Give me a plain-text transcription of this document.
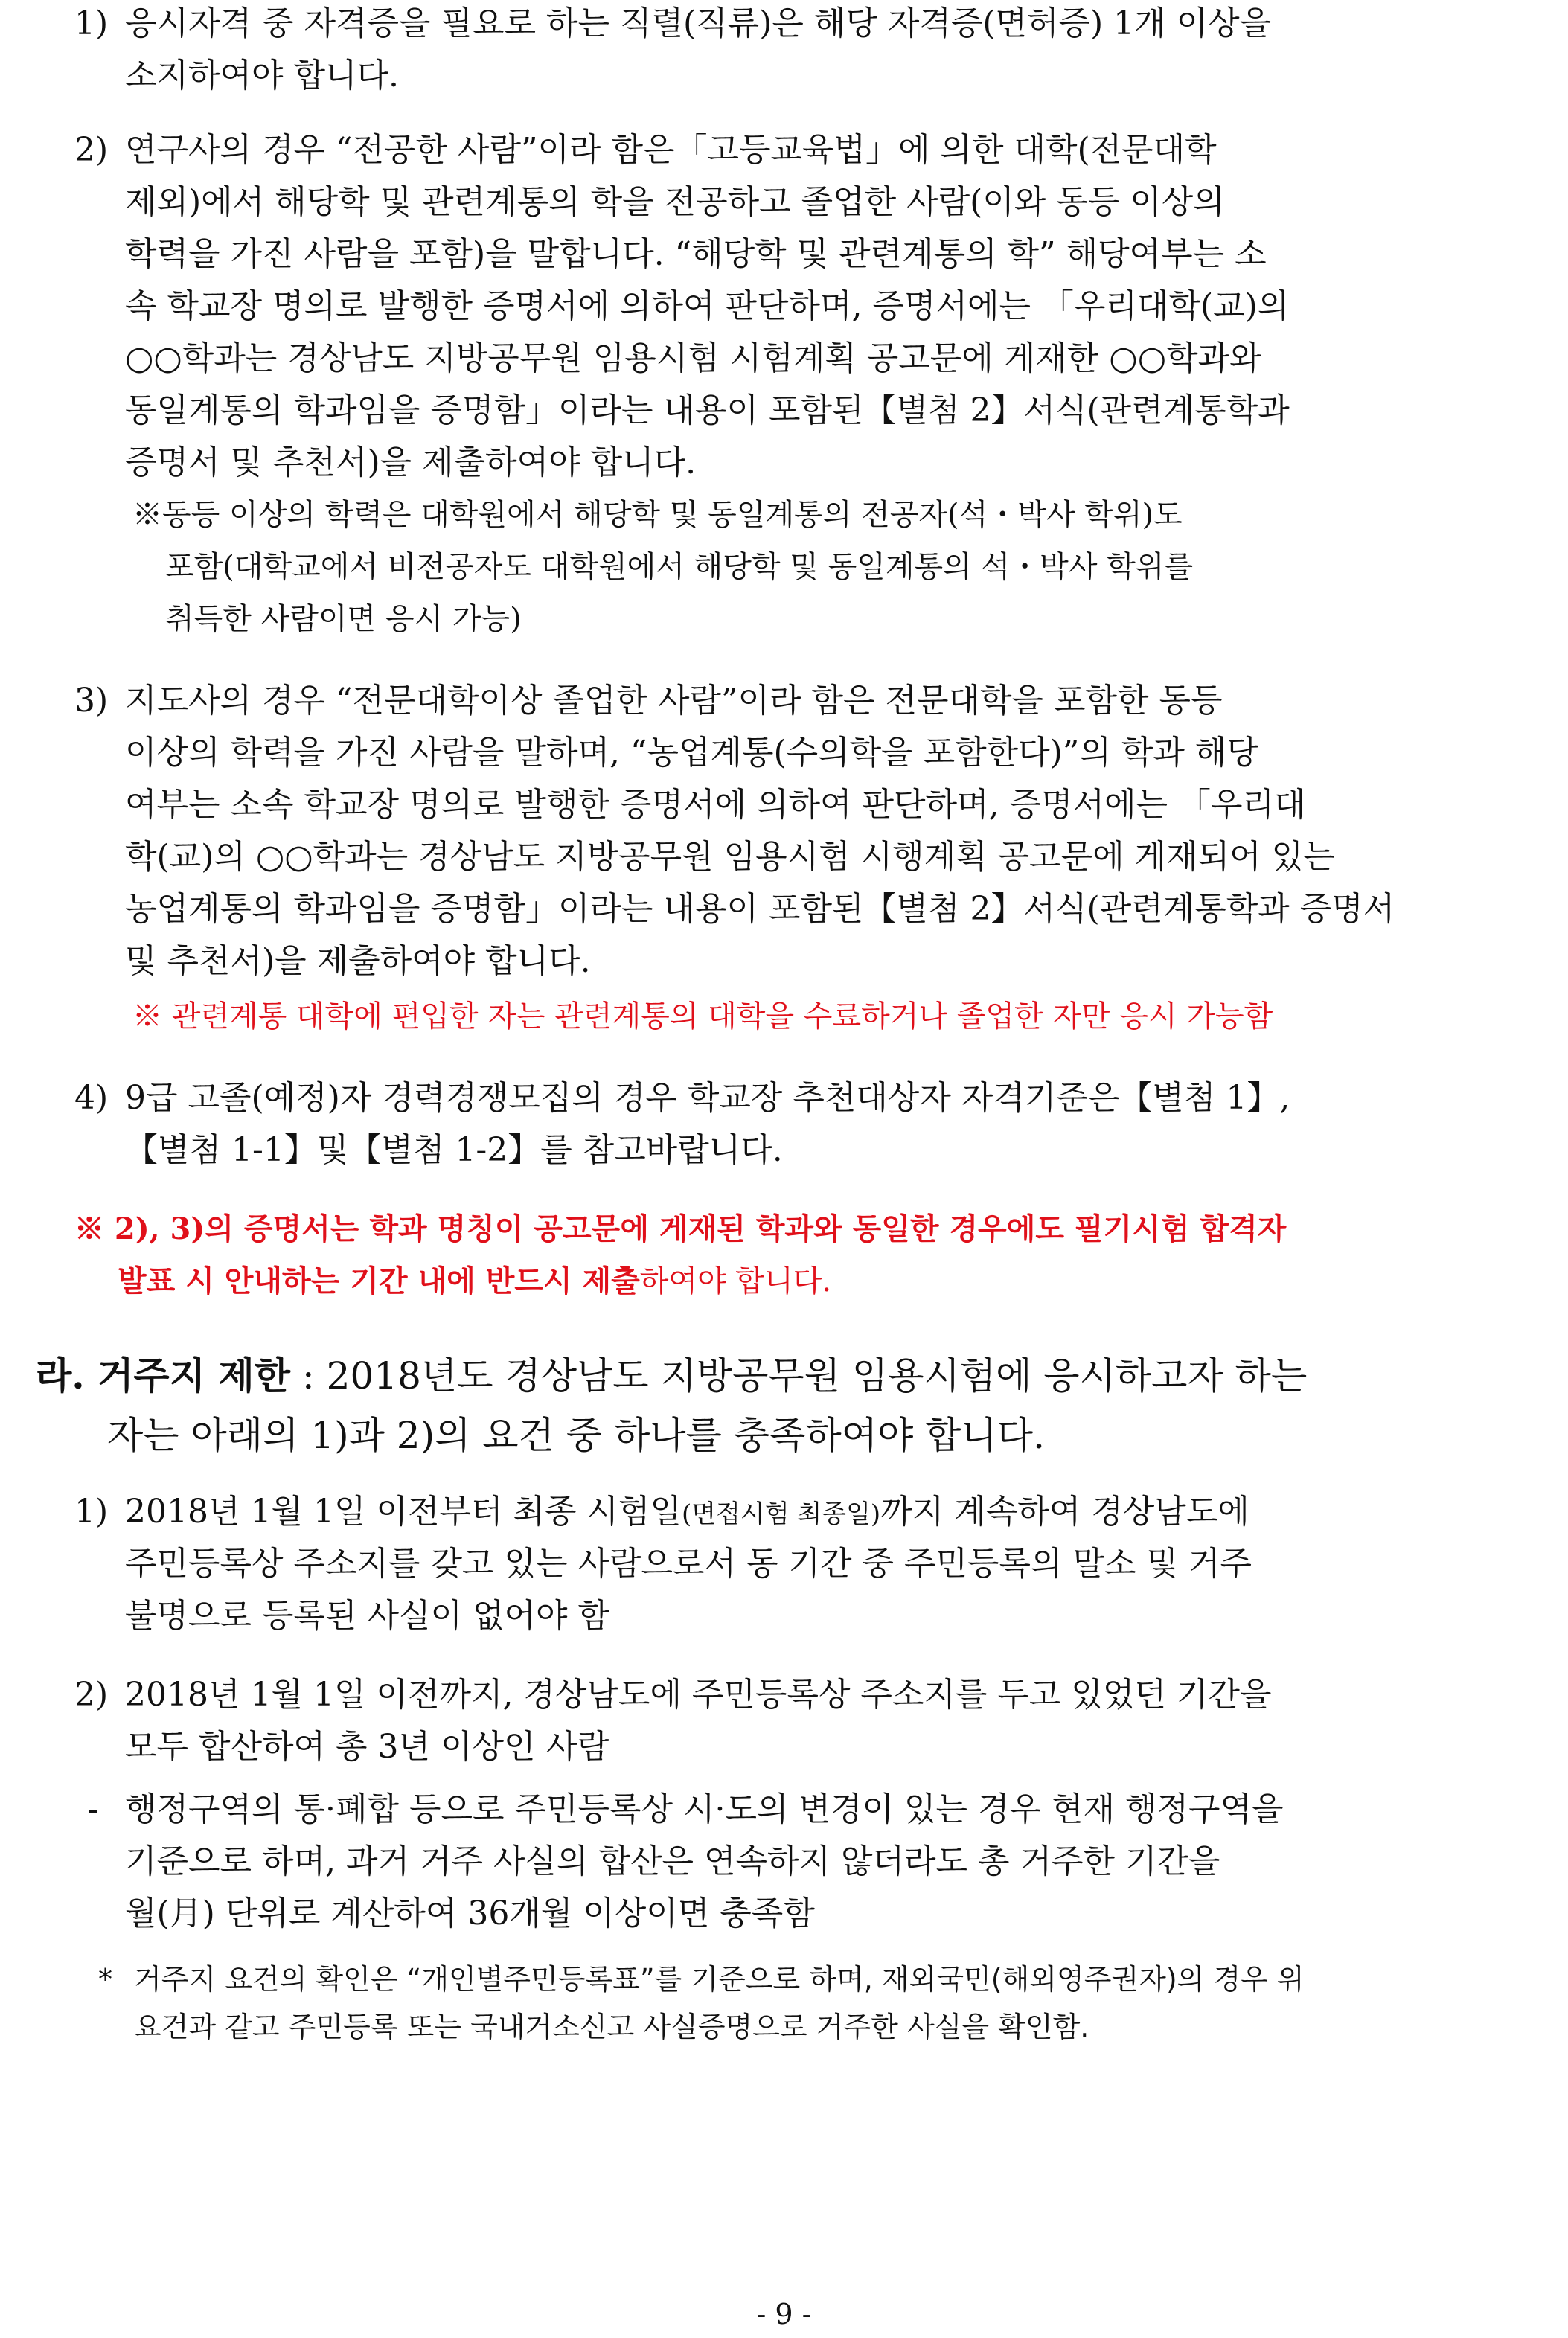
1) 응시자격 중 자격증을 필요로 하는 직렬(직류)은 해당 자격증(면허증) 1개 이상을
소지하여야 합니다.
2) 연구사의 경우 “전공한 사람”이라 함은「고등교육법」에 의한 대학(전문대학
제외)에서 해당학 및 관련계통의 학을 전공하고 졸업한 사람(이와 동등 이상의
학력을 가진 사람을 포함)을 말합니다. “해당학 및 관련계통의 학” 해당여부는 소
속 학교장 명의로 발행한 증명서에 의하여 판단하며, 증명서에는 「우리대학(교)의
○○학과는 경상남도 지방공무원 임용시험 시험계획 공고문에 게재한 ○○학과와
동일계통의 학과임을 증명함」이라는 내용이 포함된【별첨 2】서식(관련계통학과
증명서 및 추천서)을 제출하여야 합니다.
※동등 이상의 학력은 대학원에서 해당학 및 동일계통의 전공자(석・박사 학위)도
포함(대학교에서 비전공자도 대학원에서 해당학 및 동일계통의 석・박사 학위를
취득한 사람이면 응시 가능)
3) 지도사의 경우 “전문대학이상 졸업한 사람”이라 함은 전문대학을 포함한 동등
이상의 학력을 가진 사람을 말하며, “농업계통(수의학을 포함한다)”의 학과 해당
여부는 소속 학교장 명의로 발행한 증명서에 의하여 판단하며, 증명서에는 「우리대
학(교)의 ○○학과는 경상남도 지방공무원 임용시험 시행계획 공고문에 게재되어 있는
농업계통의 학과임을 증명함」이라는 내용이 포함된【별첨 2】서식(관련계통학과 증명서
및 추천서)을 제출하여야 합니다.
※ 관련계통 대학에 편입한 자는 관련계통의 대학을 수료하거나 졸업한 자만 응시 가능함
4) 9급 고졸(예정)자 경력경쟁모집의 경우 학교장 추천대상자 자격기준은【별첨 1】,
【별첨 1-1】및【별첨 1-2】를 참고바랍니다.
※ 2), 3)의 증명서는 학과 명칭이 공고문에 게재된 학과와 동일한 경우에도 필기시험 합격자
발표 시 안내하는 기간 내에 반드시 제출하여야 합니다.
라. 거주지 제한 : 2018년도 경상남도 지방공무원 임용시험에 응시하고자 하는
자는 아래의 1)과 2)의 요건 중 하나를 충족하여야 합니다.
1) 2018년 1월 1일 이전부터 최종 시험일(면접시험 최종일)까지 계속하여 경상남도에
주민등록상 주소지를 갖고 있는 사람으로서 동 기간 중 주민등록의 말소 및 거주
불명으로 등록된 사실이 없어야 함
2) 2018년 1월 1일 이전까지, 경상남도에 주민등록상 주소지를 두고 있었던 기간을
모두 합산하여 총 3년 이상인 사람
- 행정구역의 통·폐합 등으로 주민등록상 시·도의 변경이 있는 경우 현재 행정구역을
기준으로 하며, 과거 거주 사실의 합산은 연속하지 않더라도 총 거주한 기간을
월(月) 단위로 계산하여 36개월 이상이면 충족함
* 거주지 요건의 확인은 “개인별주민등록표”를 기준으로 하며, 재외국민(해외영주권자)의 경우 위
요건과 같고 주민등록 또는 국내거소신고 사실증명으로 거주한 사실을 확인함.
- 9 -
